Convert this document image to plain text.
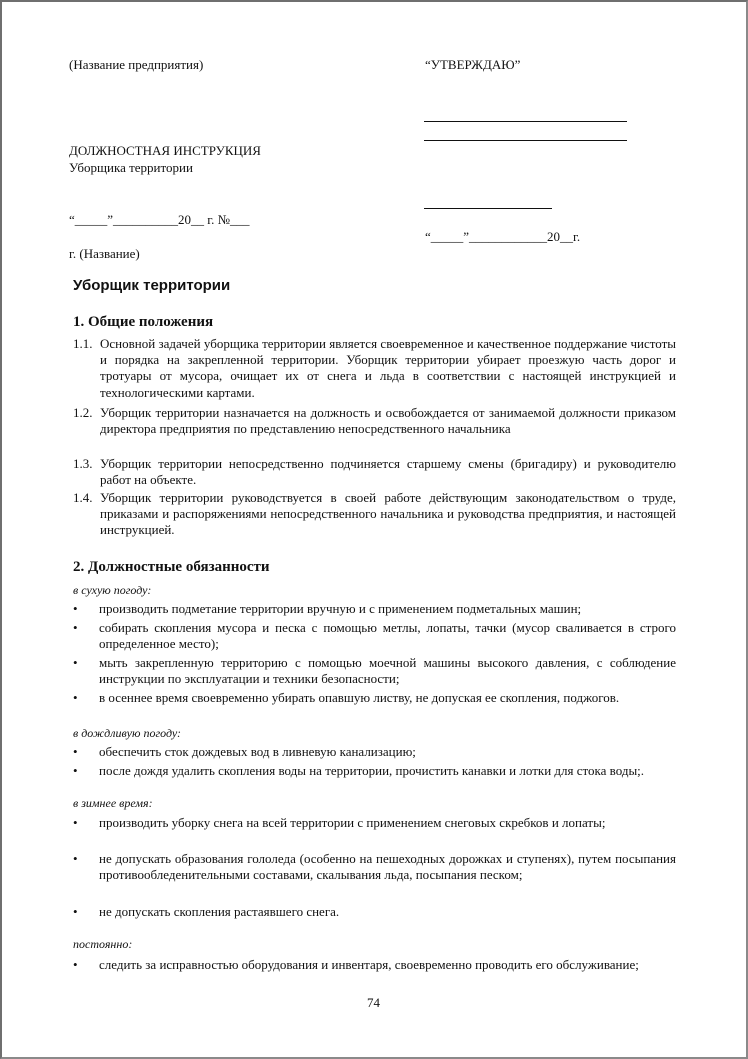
(Название предприятия)	“УТВЕРЖДАЮ”
ДОЛЖНОСТНАЯ ИНСТРУКЦИЯ
Уборщика территории
“_____”__________20__ г. №___
“_____”____________20__г.
г. (Название)
Уборщик территории
1. Общие положения
1.1. Основной задачей уборщика территории является своевременное и качественное поддержание чистоты и порядка на закрепленной территории. Уборщик территории убирает проезжую часть дорог и тротуары от мусора, очищает их от снега и льда в соответствии с настоящей инструкцией и технологическими картами.
1.2. Уборщик территории назначается на должность и освобождается от занимаемой должности приказом директора предприятия по представлению непосредственного начальника
1.3. Уборщик территории непосредственно подчиняется старшему смены (бригадиру) и руководителю работ на объекте.
1.4. Уборщик территории руководствуется в своей работе действующим законодательством о труде, приказами и распоряжениями непосредственного начальника и руководства предприятия, и настоящей инструкцией.
2. Должностные обязанности
в сухую погоду:
• производить подметание территории вручную и с применением подметальных машин;
• собирать скопления мусора и песка с помощью метлы, лопаты, тачки (мусор сваливается в строго определенное место);
• мыть закрепленную территорию с помощью моечной машины высокого давления, с соблюдение инструкции по эксплуатации и техники безопасности;
• в осеннее время своевременно убирать опавшую листву, не допуская ее скопления, поджогов.
в дождливую погоду:
• обеспечить сток дождевых вод в ливневую канализацию;
• после дождя удалить скопления воды на территории, прочистить канавки и лотки для стока воды;.
в зимнее время:
• производить уборку снега на всей территории с применением снеговых скребков и лопаты;
• не допускать образования гололеда (особенно на пешеходных дорожках и ступенях), путем посыпания противообледенительными составами, скалывания льда, посыпания песком;
• не допускать скопления растаявшего снега.
постоянно:
• следить за исправностью оборудования и инвентаря, своевременно проводить его обслуживание;
74
